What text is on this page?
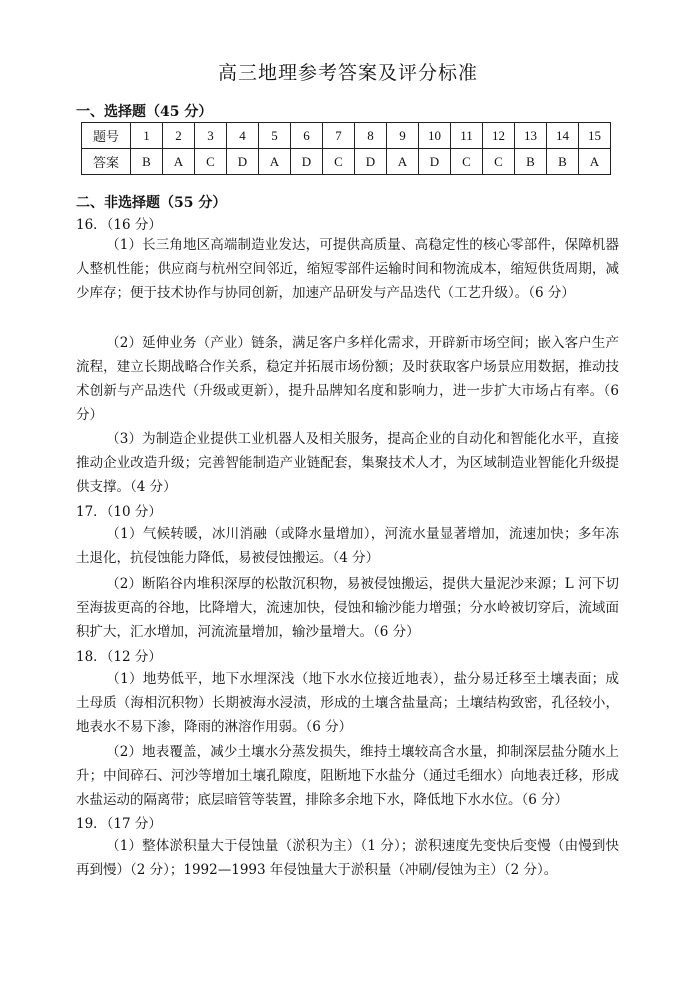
高三地理参考答案及评分标准
一、选择题（45 分）
题号	1	2	3	4	5	6	7	8	9	10	11	12	13	14	15
答案	B	A	C	D	A	D	C	D	A	D	C	C	B	B	A
二、非选择题（55 分）
16．（16 分）
（1）长三角地区高端制造业发达，可提供高质量、高稳定性的核心零部件，保障机器人整机性能；供应商与杭州空间邻近，缩短零部件运输时间和物流成本，缩短供货周期，减少库存；便于技术协作与协同创新，加速产品研发与产品迭代（工艺升级）。（6 分）
（2）延伸业务（产业）链条，满足客户多样化需求，开辟新市场空间；嵌入客户生产流程，建立长期战略合作关系，稳定并拓展市场份额；及时获取客户场景应用数据，推动技术创新与产品迭代（升级或更新），提升品牌知名度和影响力，进一步扩大市场占有率。（6 分）
（3）为制造企业提供工业机器人及相关服务，提高企业的自动化和智能化水平，直接推动企业改造升级；完善智能制造产业链配套，集聚技术人才，为区域制造业智能化升级提供支撑。（4 分）
17．（10 分）
（1）气候转暖，冰川消融（或降水量增加），河流水量显著增加，流速加快；多年冻土退化，抗侵蚀能力降低，易被侵蚀搬运。（4 分）
（2）断陷谷内堆积深厚的松散沉积物，易被侵蚀搬运，提供大量泥沙来源；L 河下切至海拔更高的谷地，比降增大，流速加快，侵蚀和输沙能力增强；分水岭被切穿后，流域面积扩大，汇水增加，河流流量增加，输沙量增大。（6 分）
18．（12 分）
（1）地势低平，地下水埋深浅（地下水水位接近地表），盐分易迁移至土壤表面；成土母质（海相沉积物）长期被海水浸渍，形成的土壤含盐量高；土壤结构致密，孔径较小，地表水不易下渗，降雨的淋溶作用弱。（6 分）
（2）地表覆盖，减少土壤水分蒸发损失，维持土壤较高含水量，抑制深层盐分随水上升；中间碎石、河沙等增加土壤孔隙度，阻断地下水盐分（通过毛细水）向地表迁移，形成水盐运动的隔离带；底层暗管等装置，排除多余地下水，降低地下水水位。（6 分）
19．（17 分）
（1）整体淤积量大于侵蚀量（淤积为主）（1 分）；淤积速度先变快后变慢（由慢到快再到慢）（2 分）；1992—1993 年侵蚀量大于淤积量（冲刷/侵蚀为主）（2 分）。
